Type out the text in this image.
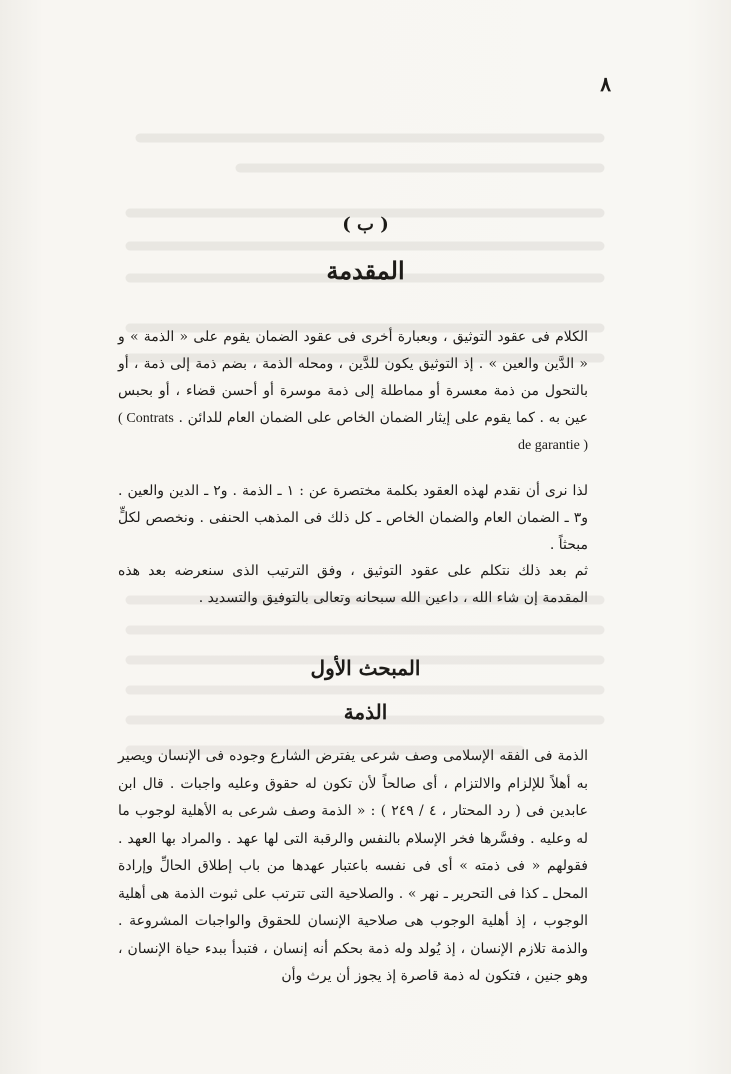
٨
( ب )
المقدمة
الكلام فى عقود التوثيق ، وبعبارة أخرى فى عقود الضمان يقوم على « الذمة » و « الدَّين والعين » . إذ التوثيق يكون للدَّين ، ومحله الذمة ، بضم ذمة إلى ذمة ، أو بالتحول من ذمة معسرة أو مماطلة إلى ذمة موسرة أو أحسن قضاء ، أو بحبس عين به . كما يقوم على إيثار الضمان الخاص على الضمان العام للدائن . ( Contrats de garantie )
لذا نرى أن نقدم لهذه العقود بكلمة مختصرة عن : ١ ـ الذمة . و٢ ـ الدين والعين . و٣ ـ الضمان العام والضمان الخاص ـ كل ذلك فى المذهب الحنفى . ونخصص لكلٍّ مبحثاً .
ثم بعد ذلك نتكلم على عقود التوثيق ، وفق الترتيب الذى سنعرضه بعد هذه المقدمة إن شاء الله ، داعين الله سبحانه وتعالى بالتوفيق والتسديد .
المبحث الأول
الذمة
الذمة فى الفقه الإسلامى وصف شرعى يفترض الشارع وجوده فى الإنسان ويصير به أهلاً للإلزام والالتزام ، أى صالحاً لأن تكون له حقوق وعليه واجبات . قال ابن عابدين فى ( رد المحتار ، ٤ / ٢٤٩ ) : « الذمة وصف شرعى به الأهلية لوجوب ما له وعليه . وفسَّرها فخر الإسلام بالنفس والرقبة التى لها عهد . والمراد بها العهد . فقولهم « فى ذمته » أى فى نفسه باعتبار عهدها من باب إطلاق الحالِّ وإرادة المحل ـ كذا فى التحرير ـ نهر » . والصلاحية التى تترتب على ثبوت الذمة هى أهلية الوجوب ، إذ أهلية الوجوب هى صلاحية الإنسان للحقوق والواجبات المشروعة . والذمة تلازم الإنسان ، إذ يُولد وله ذمة بحكم أنه إنسان ، فتبدأ ببدء حياة الإنسان ، وهو جنين ، فتكون له ذمة قاصرة إذ يجوز أن يرث وأن
